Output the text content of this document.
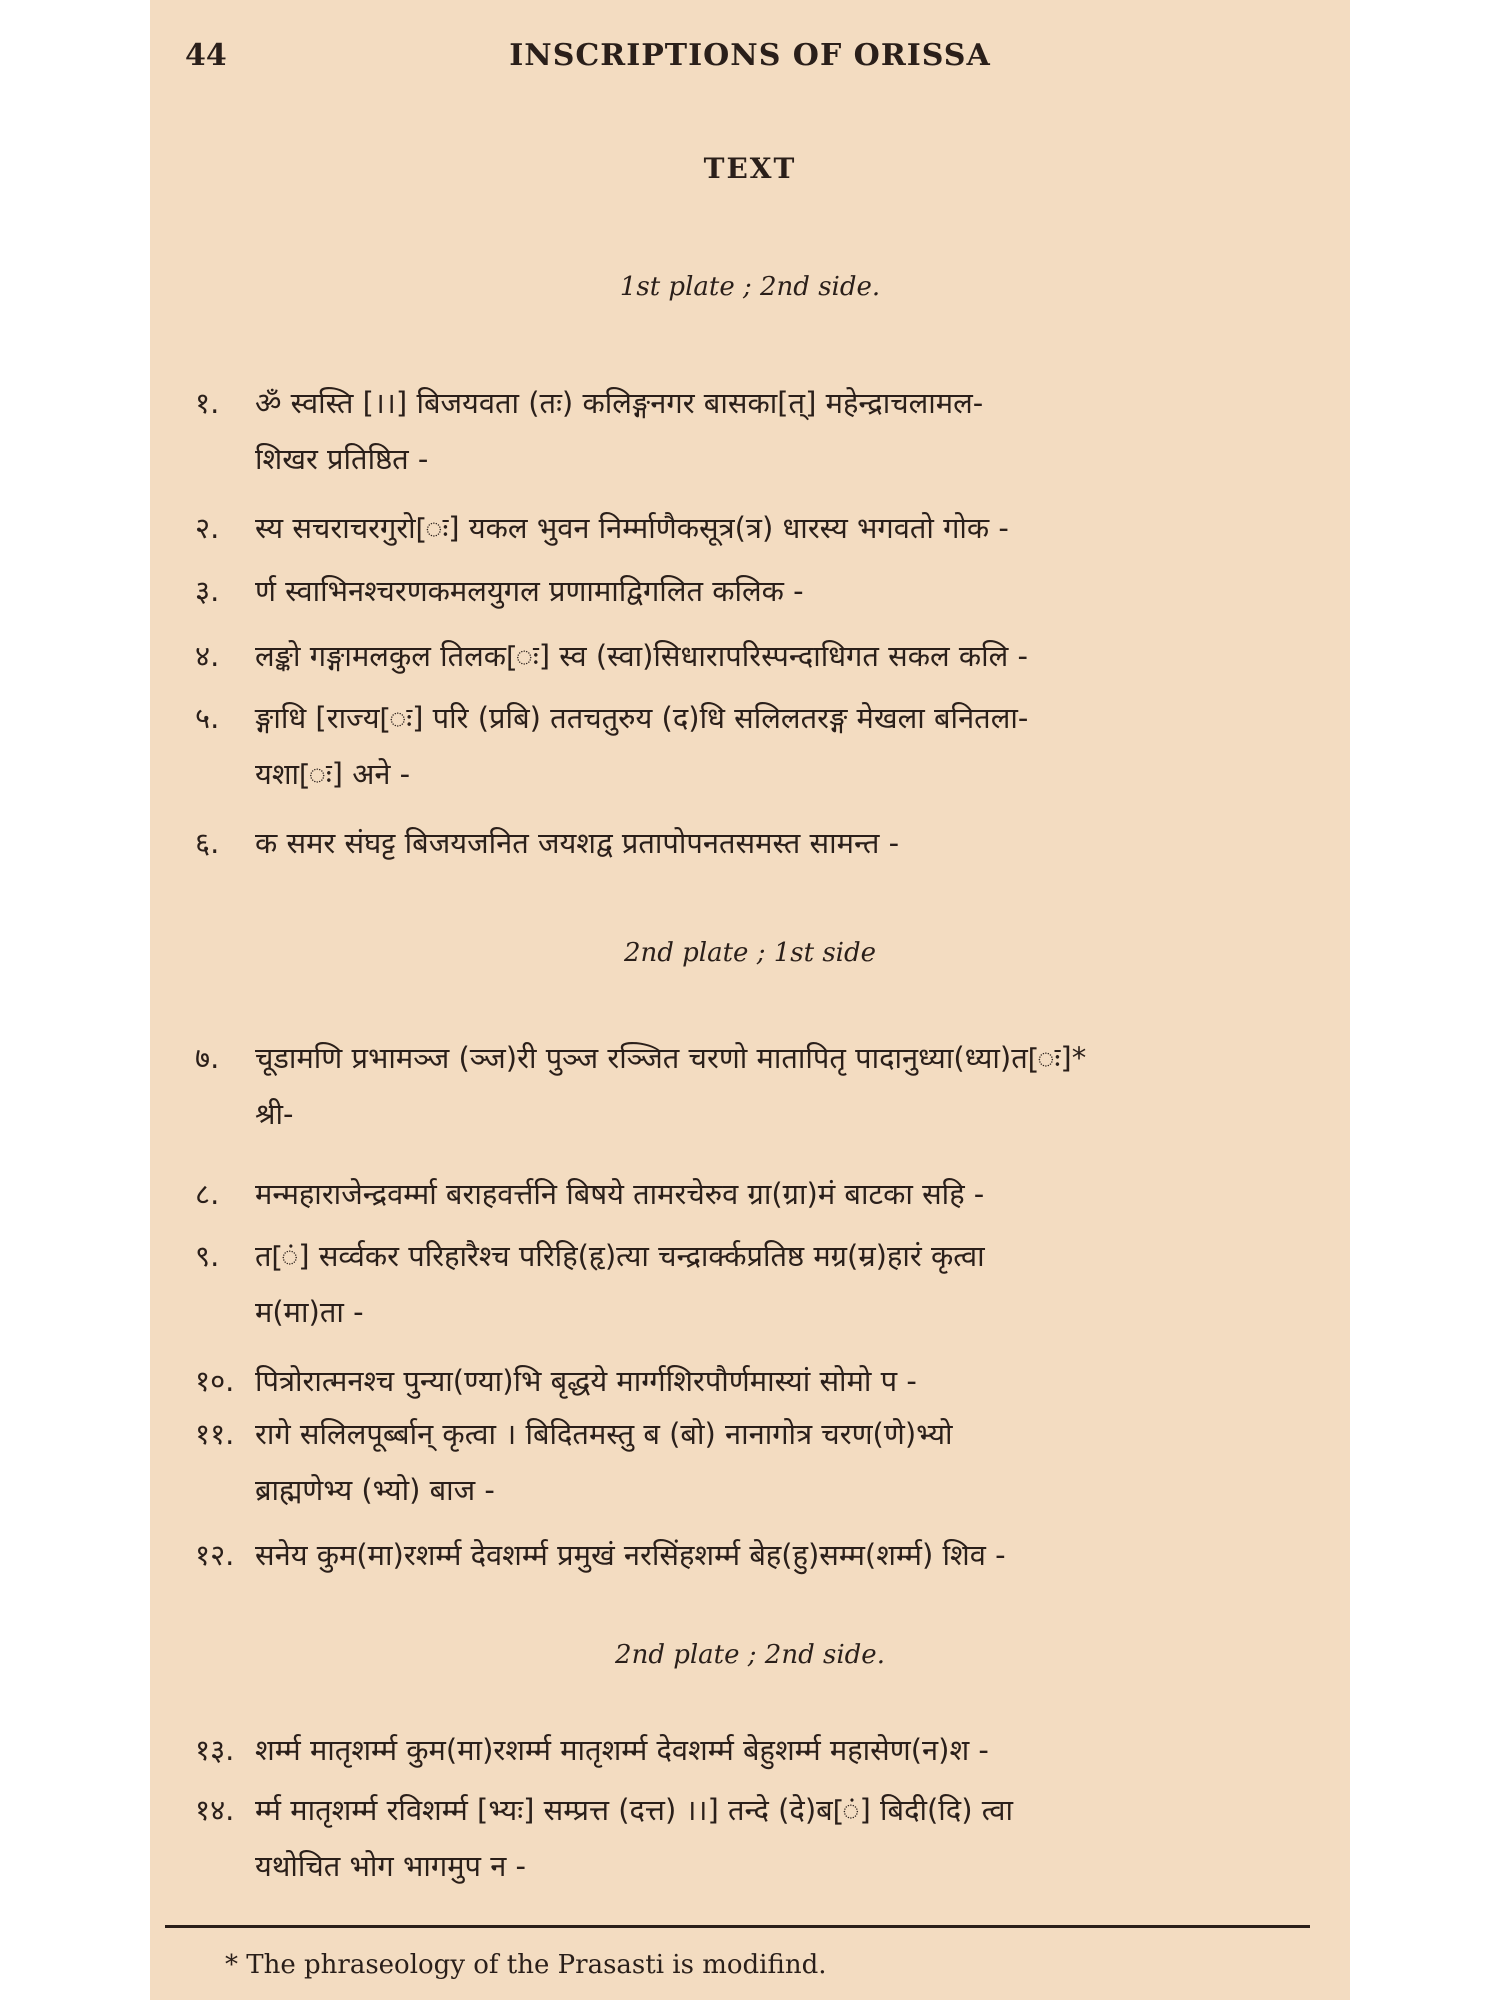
44	INSCRIPTIONS OF ORISSA
TEXT
1st plate ; 2nd side.
१.	ॐ स्वस्ति [।।] बिजयवता (तः) कलिङ्गनगर बासका[त्] महेन्द्राचलामल-
शिखर प्रतिष्ठित -
२.	स्य सचराचरगुरो[ः] यकल भुवन निर्म्माणैकसूत्र(त्र) धारस्य भगवतो गोक -
३.	र्ण स्वाभिनश्चरणकमलयुगल प्रणामाद्विगलित कलिक -
४.	लङ्को गङ्गामलकुल तिलक[ः] स्व (स्वा)सिधारापरिस्पन्दाधिगत सकल कलि -
५.	ङ्गाधि [राज्य[ः] परि (प्रबि) ततचतुरुय (द)धि सलिलतरङ्ग मेखला बनितला-
यशा[ः] अने -
६.	क समर संघट्ट बिजयजनित जयशद्व प्रतापोपनतसमस्त सामन्त -
2nd plate ; 1st side
७.	चूडामणि प्रभामञ्ज (ञ्ज)री पुञ्ज रञ्जित चरणो मातापितृ पादानुध्या(ध्या)त[ः]*
श्री-
८.	मन्महाराजेन्द्रवर्म्मा बराहवर्त्तनि बिषये तामरचेरुव ग्रा(ग्रा)मं बाटका सहि -
९.	त[ं] सर्व्वकर परिहारैश्च परिहि(हृ)त्या चन्द्रार्क्कप्रतिष्ठ मग्र(म्र)हारं कृत्वा
म(मा)ता -
१०. पित्रोरात्मनश्च पुन्या(ण्या)भि बृद्धये मार्ग्गशिरपौर्णमास्यां सोमो प -
११. रागे सलिलपूर्ब्बान् कृत्वा । बिदितमस्तु ब (बो) नानागोत्र चरण(णे)भ्यो
ब्राह्मणेभ्य (भ्यो) बाज -
१२. सनेय कुम(मा)रशर्म्म देवशर्म्म प्रमुखं नरसिंहशर्म्म बेह(हु)सम्म(शर्म्म) शिव -
2nd plate ; 2nd side.
१३. शर्म्म मातृशर्म्म कुम(मा)रशर्म्म मातृशर्म्म देवशर्म्म बेहुशर्म्म महासेण(न)श -
१४. र्म्म मातृशर्म्म रविशर्म्म [भ्यः] सम्प्रत्त (दत्त) ।।] तन्दे (दे)ब[ं] बिदी(दि) त्वा
यथोचित भोग भागमुप न -
* The phraseology of the Prasasti is modifind.
